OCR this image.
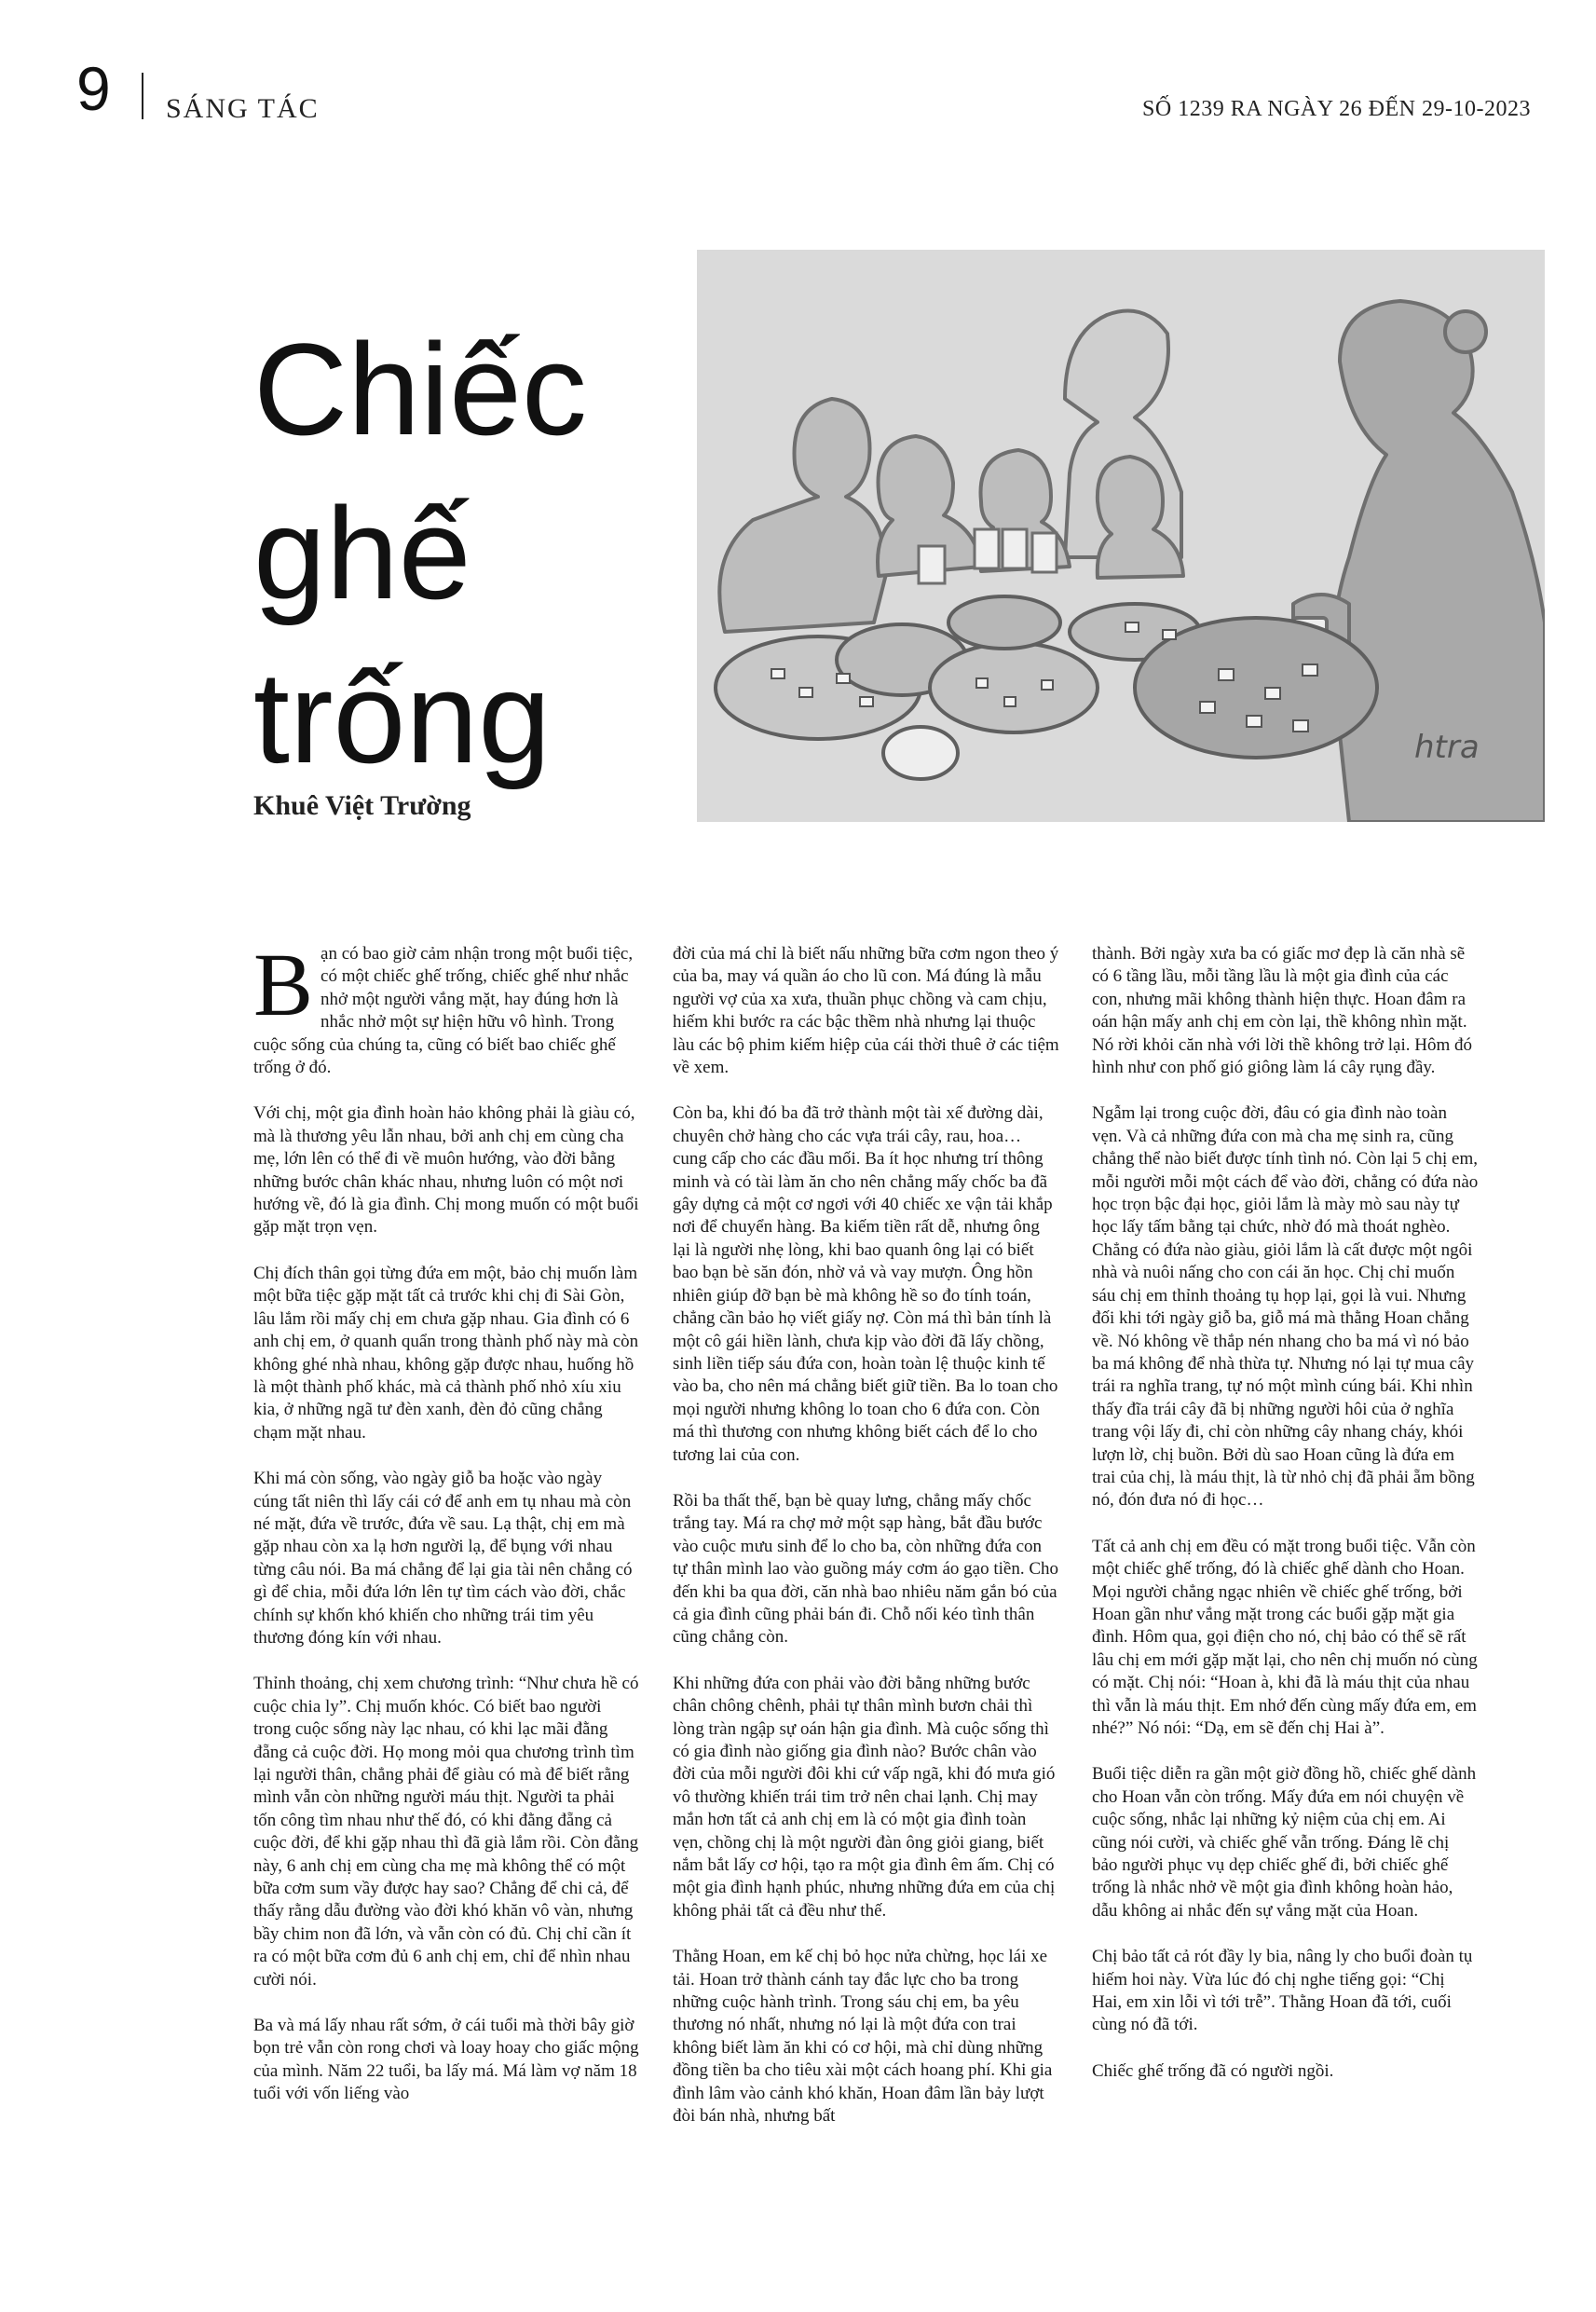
9 SÁNG TÁC	SỐ 1239 RA NGÀY 26 ĐẾN 29-10-2023
Chiếc
ghế
trống
Khuê Việt Trường
htra

Bạn có bao giờ cảm nhận trong một buổi tiệc, có một chiếc ghế trống, chiếc ghế như nhắc nhở một người vắng mặt, hay đúng hơn là nhắc nhở một sự hiện hữu vô hình. Trong cuộc sống của chúng ta, cũng có biết bao chiếc ghế trống ở đó.

Với chị, một gia đình hoàn hảo không phải là giàu có, mà là thương yêu lẫn nhau, bởi anh chị em cùng cha mẹ, lớn lên có thể đi về muôn hướng, vào đời bằng những bước chân khác nhau, nhưng luôn có một nơi hướng về, đó là gia đình. Chị mong muốn có một buổi gặp mặt trọn vẹn.

Chị đích thân gọi từng đứa em một, bảo chị muốn làm một bữa tiệc gặp mặt tất cả trước khi chị đi Sài Gòn, lâu lắm rồi mấy chị em chưa gặp nhau. Gia đình có 6 anh chị em, ở quanh quẩn trong thành phố này mà còn không ghé nhà nhau, không gặp được nhau, huống hồ là một thành phố khác, mà cả thành phố nhỏ xíu xiu kia, ở những ngã tư đèn xanh, đèn đỏ cũng chẳng chạm mặt nhau.

Khi má còn sống, vào ngày giỗ ba hoặc vào ngày cúng tất niên thì lấy cái cớ để anh em tụ nhau mà còn né mặt, đứa về trước, đứa về sau. Lạ thật, chị em mà gặp nhau còn xa lạ hơn người lạ, để bụng với nhau từng câu nói. Ba má chẳng để lại gia tài nên chẳng có gì để chia, mỗi đứa lớn lên tự tìm cách vào đời, chắc chính sự khốn khó khiến cho những trái tim yêu thương đóng kín với nhau.

Thỉnh thoảng, chị xem chương trình: “Như chưa hề có cuộc chia ly”. Chị muốn khóc. Có biết bao người trong cuộc sống này lạc nhau, có khi lạc mãi đằng đẵng cả cuộc đời. Họ mong mỏi qua chương trình tìm lại người thân, chẳng phải để giàu có mà để biết rằng mình vẫn còn những người máu thịt. Người ta phải tốn công tìm nhau như thế đó, có khi đằng đẵng cả cuộc đời, để khi gặp nhau thì đã già lắm rồi. Còn đằng này, 6 anh chị em cùng cha mẹ mà không thể có một bữa cơm sum vầy được hay sao? Chẳng để chi cả, để thấy rằng dẫu đường vào đời khó khăn vô vàn, nhưng bầy chim non đã lớn, và vẫn còn có đủ. Chị chỉ cần ít ra có một bữa cơm đủ 6 anh chị em, chỉ để nhìn nhau cười nói.

Ba và má lấy nhau rất sớm, ở cái tuổi mà thời bây giờ bọn trẻ vẫn còn rong chơi và loay hoay cho giấc mộng của mình. Năm 22 tuổi, ba lấy má. Má làm vợ năm 18 tuổi với vốn liếng vào

đời của má chỉ là biết nấu những bữa cơm ngon theo ý của ba, may vá quần áo cho lũ con. Má đúng là mẫu người vợ của xa xưa, thuần phục chồng và cam chịu, hiếm khi bước ra các bậc thềm nhà nhưng lại thuộc làu các bộ phim kiếm hiệp của cái thời thuê ở các tiệm về xem.

Còn ba, khi đó ba đã trở thành một tài xế đường dài, chuyên chở hàng cho các vựa trái cây, rau, hoa… cung cấp cho các đầu mối. Ba ít học nhưng trí thông minh và có tài làm ăn cho nên chẳng mấy chốc ba đã gây dựng cả một cơ ngơi với 40 chiếc xe vận tải khắp nơi để chuyển hàng. Ba kiếm tiền rất dễ, nhưng ông lại là người nhẹ lòng, khi bao quanh ông lại có biết bao bạn bè săn đón, nhờ vả và vay mượn. Ông hồn nhiên giúp đỡ bạn bè mà không hề so đo tính toán, chẳng cần bảo họ viết giấy nợ. Còn má thì bản tính là một cô gái hiền lành, chưa kịp vào đời đã lấy chồng, sinh liền tiếp sáu đứa con, hoàn toàn lệ thuộc kinh tế vào ba, cho nên má chẳng biết giữ tiền. Ba lo toan cho mọi người nhưng không lo toan cho 6 đứa con. Còn má thì thương con nhưng không biết cách để lo cho tương lai của con.

Rồi ba thất thế, bạn bè quay lưng, chẳng mấy chốc trắng tay. Má ra chợ mở một sạp hàng, bắt đầu bước vào cuộc mưu sinh để lo cho ba, còn những đứa con tự thân mình lao vào guồng máy cơm áo gạo tiền. Cho đến khi ba qua đời, căn nhà bao nhiêu năm gắn bó của cả gia đình cũng phải bán đi. Chỗ nối kéo tình thân cũng chẳng còn.

Khi những đứa con phải vào đời bằng những bước chân chông chênh, phải tự thân mình bươn chải thì lòng tràn ngập sự oán hận gia đình. Mà cuộc sống thì có gia đình nào giống gia đình nào? Bước chân vào đời của mỗi người đôi khi cứ vấp ngã, khi đó mưa gió vô thường khiến trái tim trở nên chai lạnh. Chị may mắn hơn tất cả anh chị em là có một gia đình toàn vẹn, chồng chị là một người đàn ông giỏi giang, biết nắm bắt lấy cơ hội, tạo ra một gia đình êm ấm. Chị có một gia đình hạnh phúc, nhưng những đứa em của chị không phải tất cả đều như thế.

Thằng Hoan, em kế chị bỏ học nửa chừng, học lái xe tải. Hoan trở thành cánh tay đắc lực cho ba trong những cuộc hành trình. Trong sáu chị em, ba yêu thương nó nhất, nhưng nó lại là một đứa con trai không biết làm ăn khi có cơ hội, mà chỉ dùng những đồng tiền ba cho tiêu xài một cách hoang phí. Khi gia đình lâm vào cảnh khó khăn, Hoan đâm lần bảy lượt đòi bán nhà, nhưng bất

thành. Bởi ngày xưa ba có giấc mơ đẹp là căn nhà sẽ có 6 tầng lầu, mỗi tầng lầu là một gia đình của các con, nhưng mãi không thành hiện thực. Hoan đâm ra oán hận mấy anh chị em còn lại, thề không nhìn mặt. Nó rời khỏi căn nhà với lời thề không trở lại. Hôm đó hình như con phố gió giông làm lá cây rụng đầy.

Ngẫm lại trong cuộc đời, đâu có gia đình nào toàn vẹn. Và cả những đứa con mà cha mẹ sinh ra, cũng chẳng thể nào biết được tính tình nó. Còn lại 5 chị em, mỗi người mỗi một cách để vào đời, chẳng có đứa nào học trọn bậc đại học, giỏi lắm là mày mò sau này tự học lấy tấm bằng tại chức, nhờ đó mà thoát nghèo. Chẳng có đứa nào giàu, giỏi lắm là cất được một ngôi nhà và nuôi nấng cho con cái ăn học. Chị chỉ muốn sáu chị em thỉnh thoảng tụ họp lại, gọi là vui. Nhưng đối khi tới ngày giỗ ba, giỗ má mà thằng Hoan chẳng về. Nó không về thắp nén nhang cho ba má vì nó bảo ba má không để nhà thừa tự. Nhưng nó lại tự mua cây trái ra nghĩa trang, tự nó một mình cúng bái. Khi nhìn thấy đĩa trái cây đã bị những người hôi của ở nghĩa trang vội lấy đi, chỉ còn những cây nhang cháy, khói lượn lờ, chị buồn. Bởi dù sao Hoan cũng là đứa em trai của chị, là máu thịt, là từ nhỏ chị đã phải ẵm bồng nó, đón đưa nó đi học…

Tất cả anh chị em đều có mặt trong buổi tiệc. Vẫn còn một chiếc ghế trống, đó là chiếc ghế dành cho Hoan. Mọi người chẳng ngạc nhiên về chiếc ghế trống, bởi Hoan gần như vắng mặt trong các buổi gặp mặt gia đình. Hôm qua, gọi điện cho nó, chị bảo có thể sẽ rất lâu chị em mới gặp mặt lại, cho nên chị muốn nó cùng có mặt. Chị nói: “Hoan à, khi đã là máu thịt của nhau thì vẫn là máu thịt. Em nhớ đến cùng mấy đứa em, em nhé?” Nó nói: “Dạ, em sẽ đến chị Hai à”.

Buổi tiệc diễn ra gần một giờ đồng hồ, chiếc ghế dành cho Hoan vẫn còn trống. Mấy đứa em nói chuyện về cuộc sống, nhắc lại những kỷ niệm của chị em. Ai cũng nói cười, và chiếc ghế vẫn trống. Đáng lẽ chị bảo người phục vụ dẹp chiếc ghế đi, bởi chiếc ghế trống là nhắc nhở về một gia đình không hoàn hảo, dẫu không ai nhắc đến sự vắng mặt của Hoan.

Chị bảo tất cả rót đầy ly bia, nâng ly cho buổi đoàn tụ hiếm hoi này. Vừa lúc đó chị nghe tiếng gọi: “Chị Hai, em xin lỗi vì tới trễ”. Thằng Hoan đã tới, cuối cùng nó đã tới.

Chiếc ghế trống đã có người ngồi.
